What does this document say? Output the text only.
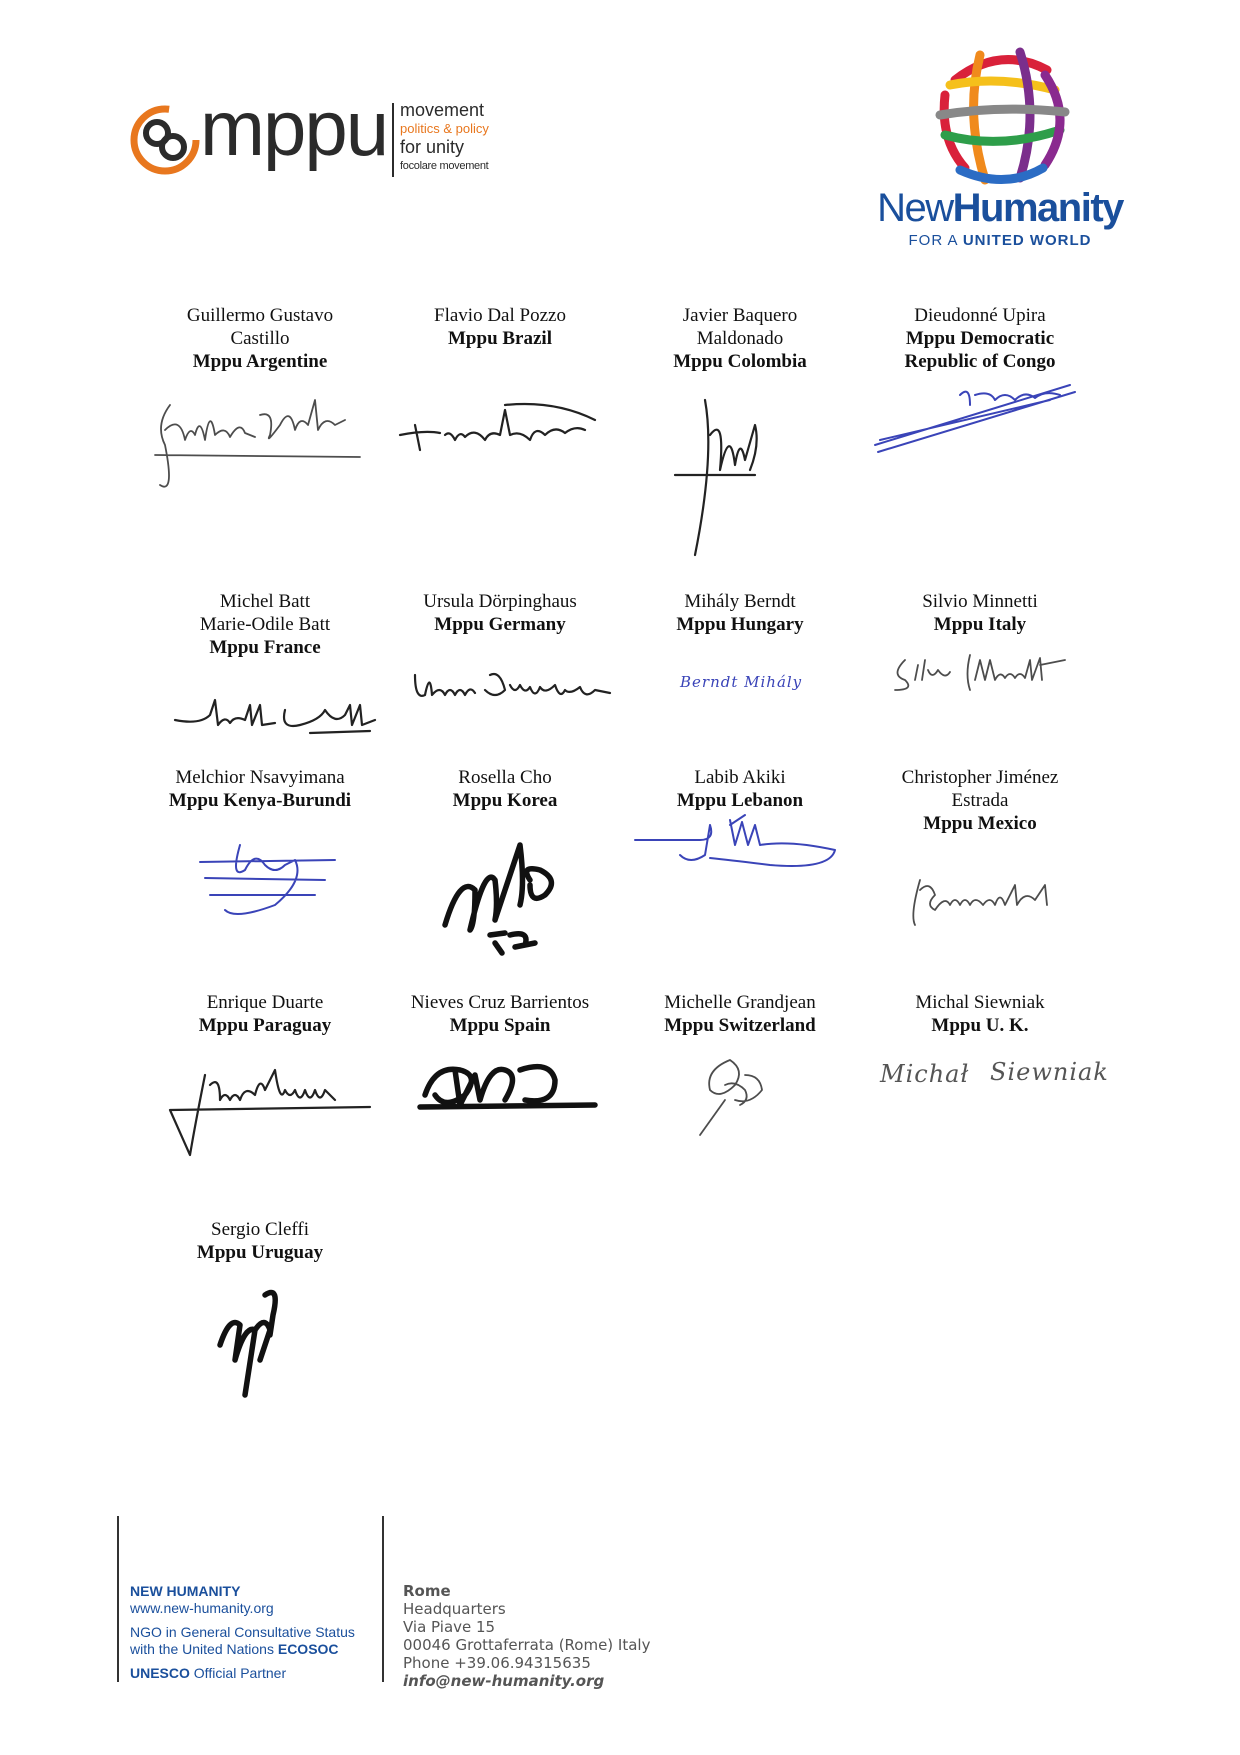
mppu movement
politics & policy
for unity
focolare movement
NewHumanity
FOR A UNITED WORLD
Guillermo Gustavo
Castillo
Mppu Argentine
Flavio Dal Pozzo
Mppu Brazil
Javier Baquero
Maldonado
Mppu Colombia
Dieudonné Upira
Mppu Democratic
Republic of Congo
Michel Batt
Marie-Odile Batt
Mppu France
Ursula Dörpinghaus
Mppu Germany
Mihály Berndt
Mppu Hungary
Berndt Mihály
Silvio Minnetti
Mppu Italy
Melchior Nsavyimana
Mppu Kenya-Burundi
Rosella Cho
Mppu Korea
Labib Akiki
Mppu Lebanon
Christopher Jiménez
Estrada
Mppu Mexico
Enrique Duarte
Mppu Paraguay
Nieves Cruz Barrientos
Mppu Spain
Michelle Grandjean
Mppu Switzerland
Michal Siewniak
Mppu U. K.
Michał Siewniak
Sergio Cleffi
Mppu Uruguay
NEW HUMANITY
www.new-humanity.org
NGO in General Consultative Status
with the United Nations ECOSOC
UNESCO Official Partner
Rome
Headquarters
Via Piave 15
00046 Grottaferrata (Rome) Italy
Phone +39.06.94315635
info@new-humanity.org
